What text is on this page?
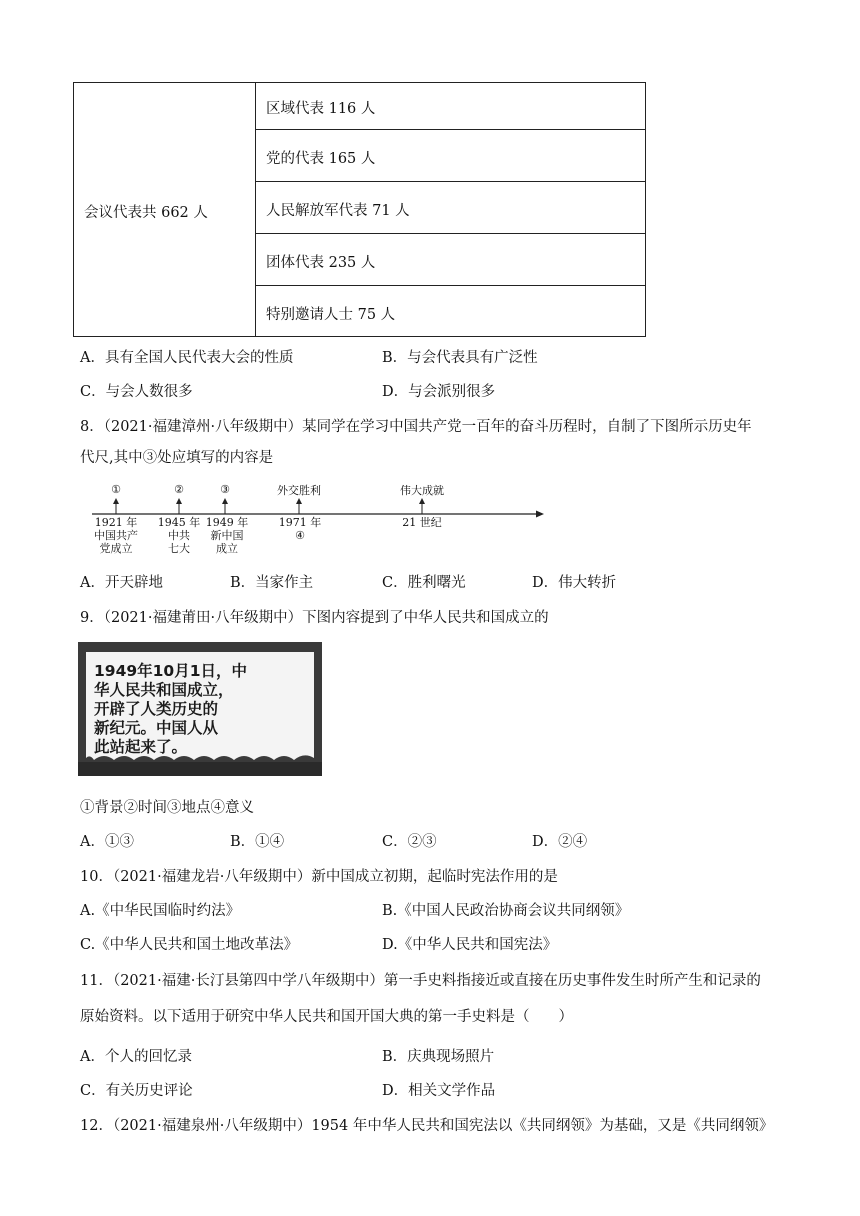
会议代表共 662 人
区域代表 116 人
党的代表 165 人
人民解放军代表 71 人
团体代表 235 人
特别邀请人士 75 人
A．具有全国人民代表大会的性质	B．与会代表具有广泛性
C．与会人数很多	D．与会派别很多
8．（2021·福建漳州·八年级期中）某同学在学习中国共产党一百年的奋斗历程时，自制了下图所示历史年
代尺,其中③处应填写的内容是
①	②	③	外交胜利	伟大成就
1921 年
中国共产
党成立
1945 年
中共
七大
1949 年
新中国
成立
1971 年
④
21 世纪
A．开天辟地	B．当家作主	C．胜利曙光	D．伟大转折
9．（2021·福建莆田·八年级期中）下图内容提到了中华人民共和国成立的
1949年10月1日，中
华人民共和国成立，
开辟了人类历史的
新纪元。中国人从
此站起来了。
①背景②时间③地点④意义
A．①③	B．①④	C．②③	D．②④
10．（2021·福建龙岩·八年级期中）新中国成立初期，起临时宪法作用的是
A.《中华民国临时约法》	B.《中国人民政治协商会议共同纲领》
C.《中华人民共和国土地改革法》	D.《中华人民共和国宪法》
11．（2021·福建·长汀县第四中学八年级期中）第一手史料指接近或直接在历史事件发生时所产生和记录的
原始资料。以下适用于研究中华人民共和国开国大典的第一手史料是（　　）
A．个人的回忆录	B．庆典现场照片
C．有关历史评论	D．相关文学作品
12．（2021·福建泉州·八年级期中）1954 年中华人民共和国宪法以《共同纲领》为基础，又是《共同纲领》
